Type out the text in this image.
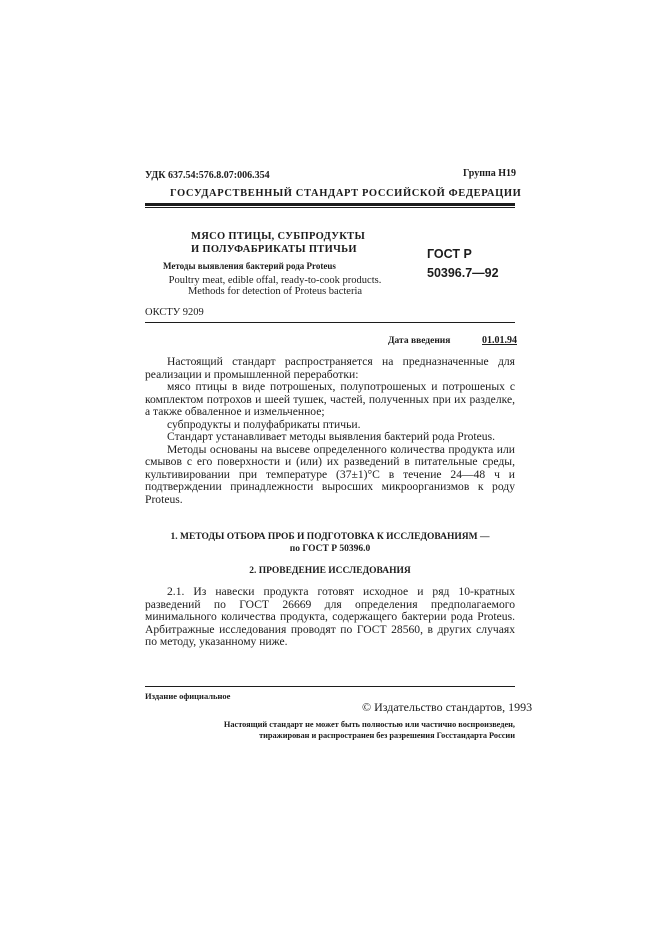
УДК 637.54:576.8.07:006.354	Группа Н19
ГОСУДАРСТВЕННЫЙ СТАНДАРТ РОССИЙСКОЙ ФЕДЕРАЦИИ
МЯСО ПТИЦЫ, СУБПРОДУКТЫ
И ПОЛУФАБРИКАТЫ ПТИЧЬИ
Методы выявления бактерий рода Proteus
Poultry meat, edible offal, ready-to-cook products.
Methods for detection of Proteus bacteria
ГОСТ Р
50396.7—92
ОКСТУ 9209
Дата введения	01.01.94

Настоящий стандарт распространяется на предназначенные для реализации и промышленной переработки:

мясо птицы в виде потрошеных, полупотрошеных и потрошеных с комплектом потрохов и шеей тушек, частей, полученных при их разделке, а также обваленное и измельченное;

субпродукты и полуфабрикаты птичьи.

Стандарт устанавливает методы выявления бактерий рода Proteus.

Методы основаны на высеве определенного количества продукта или смывов с его поверхности и (или) их разведений в питательные среды, культивировании при температуре (37±1)°С в течение 24—48 ч и подтверждении принадлежности выросших микроорганизмов к роду Proteus.

1. МЕТОДЫ ОТБОРА ПРОБ И ПОДГОТОВКА К ИССЛЕДОВАНИЯМ —
по ГОСТ Р 50396.0
2. ПРОВЕДЕНИЕ ИССЛЕДОВАНИЯ

2.1. Из навески продукта готовят исходное и ряд 10-кратных разведений по ГОСТ 26669 для определения предполагаемого минимального количества продукта, содержащего бактерии рода Proteus. Арбитражные исследования проводят по ГОСТ 28560, в других случаях по методу, указанному ниже.

Издание официальное
© Издательство стандартов, 1993
Настоящий стандарт не может быть полностью или частично воспроизведен,
тиражирован и распространен без разрешения Госстандарта России
